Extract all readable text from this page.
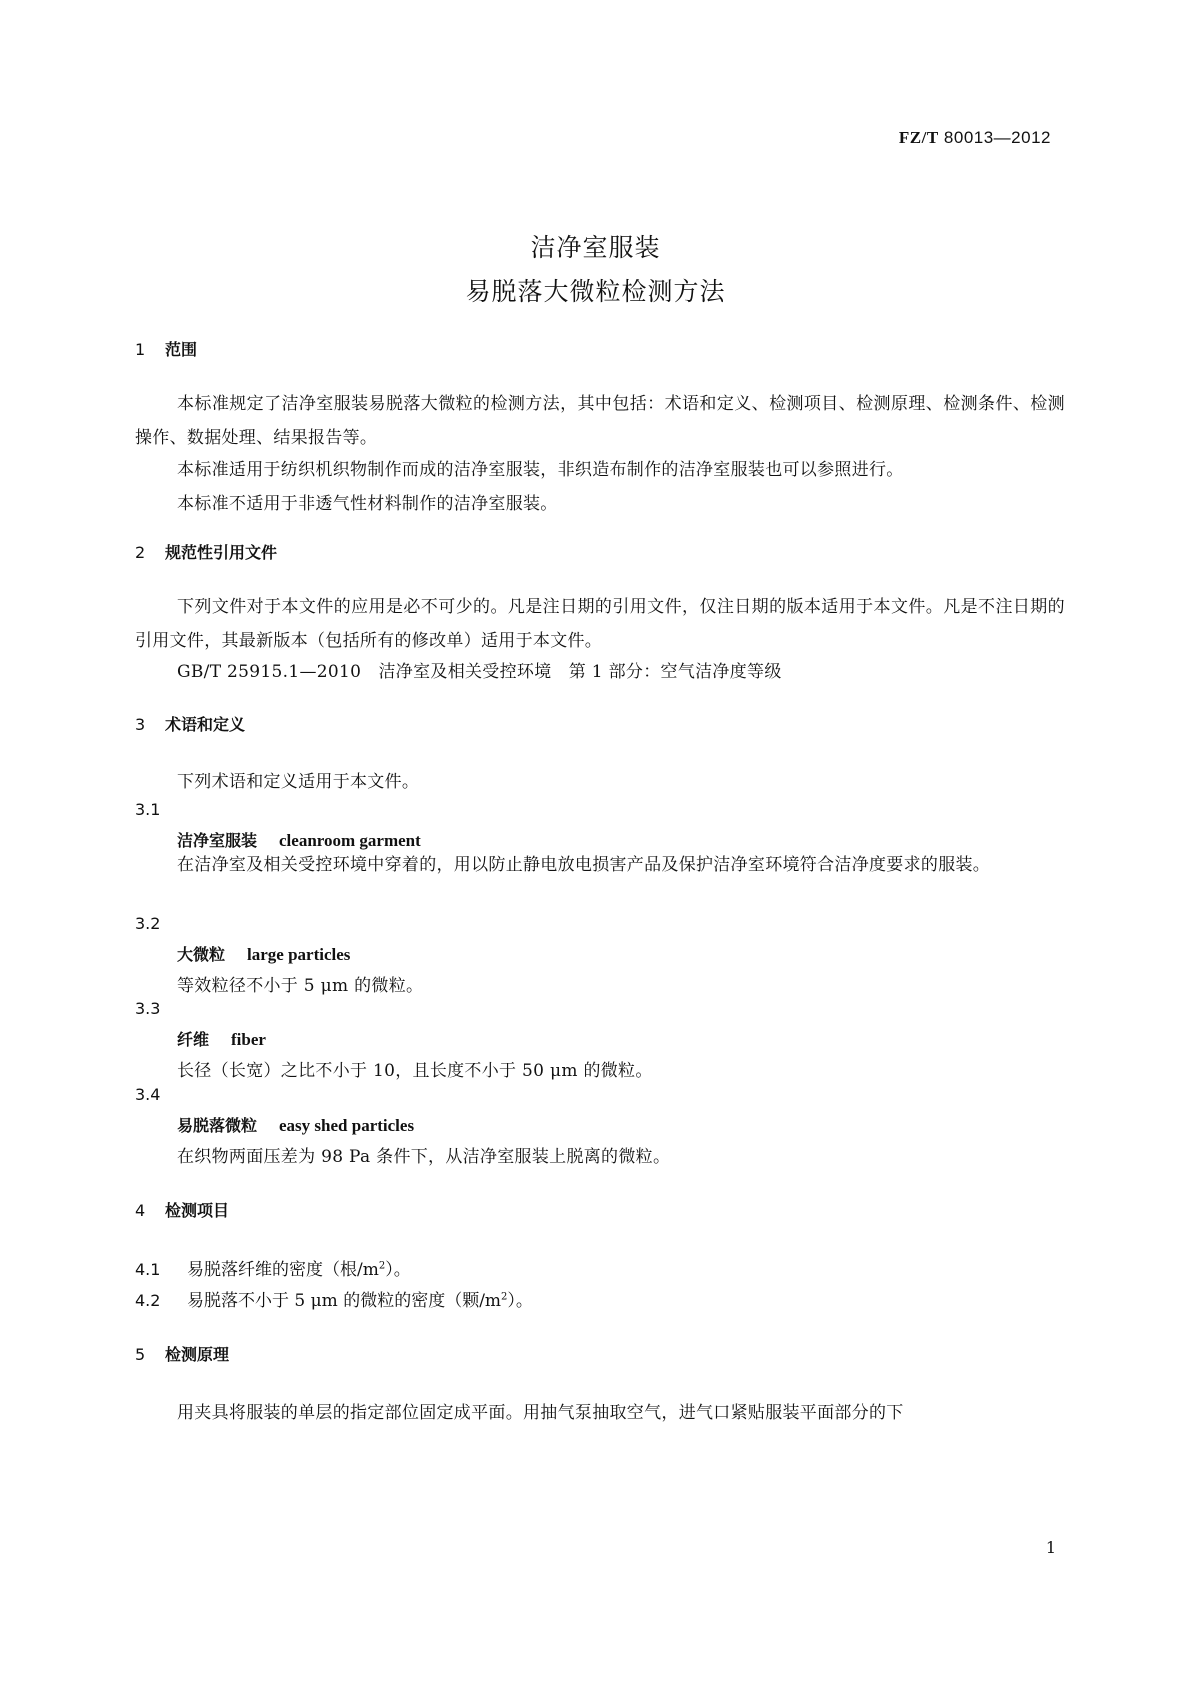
FZ/T 80013—2012
洁净室服装
易脱落大微粒检测方法
1 范围
本标准规定了洁净室服装易脱落大微粒的检测方法，其中包括：术语和定义、检测项目、检测原理、检测条件、检测操作、数据处理、结果报告等。
本标准适用于纺织机织物制作而成的洁净室服装，非织造布制作的洁净室服装也可以参照进行。
本标准不适用于非透气性材料制作的洁净室服装。
2 规范性引用文件
下列文件对于本文件的应用是必不可少的。凡是注日期的引用文件，仅注日期的版本适用于本文件。凡是不注日期的引用文件，其最新版本（包括所有的修改单）适用于本文件。
GB/T 25915.1—2010　洁净室及相关受控环境　第 1 部分：空气洁净度等级
3 术语和定义
下列术语和定义适用于本文件。
3.1
洁净室服装 cleanroom garment
在洁净室及相关受控环境中穿着的，用以防止静电放电损害产品及保护洁净室环境符合洁净度要求的服装。
3.2
大微粒 large particles
等效粒径不小于 5 μm 的微粒。
3.3
纤维 fiber
长径（长宽）之比不小于 10，且长度不小于 50 μm 的微粒。
3.4
易脱落微粒 easy shed particles
在织物两面压差为 98 Pa 条件下，从洁净室服装上脱离的微粒。
4 检测项目
4.1 易脱落纤维的密度（根$/m^2$）。
4.2 易脱落不小于 5 μm 的微粒的密度（颗$/m^2$）。
5 检测原理
用夹具将服装的单层的指定部位固定成平面。用抽气泵抽取空气，进气口紧贴服装平面部分的下
1
